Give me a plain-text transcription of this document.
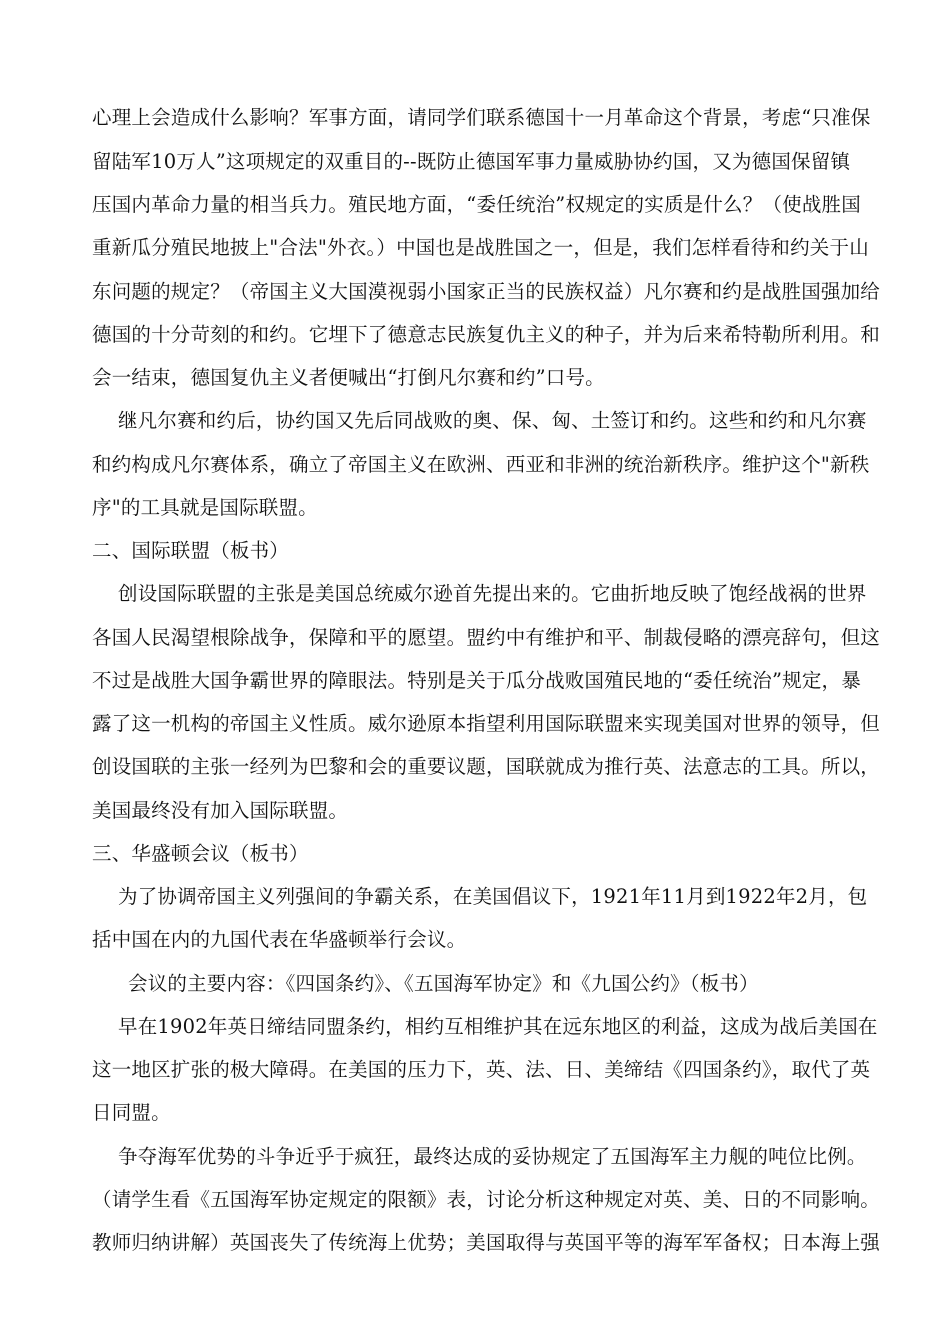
心理上会造成什么影响？军事方面，请同学们联系德国十一月革命这个背景，考虑“只准保
留陆军10万人”这项规定的双重目的--既防止德国军事力量威胁协约国，又为德国保留镇
压国内革命力量的相当兵力。殖民地方面，“委任统治”权规定的实质是什么？（使战胜国
重新瓜分殖民地披上"合法"外衣。）中国也是战胜国之一，但是，我们怎样看待和约关于山
东问题的规定？（帝国主义大国漠视弱小国家正当的民族权益）凡尔赛和约是战胜国强加给
德国的十分苛刻的和约。它埋下了德意志民族复仇主义的种子，并为后来希特勒所利用。和
会一结束，德国复仇主义者便喊出“打倒凡尔赛和约”口号。
继凡尔赛和约后，协约国又先后同战败的奥、保、匈、土签订和约。这些和约和凡尔赛
和约构成凡尔赛体系，确立了帝国主义在欧洲、西亚和非洲的统治新秩序。维护这个"新秩
序"的工具就是国际联盟。
二、国际联盟（板书）
创设国际联盟的主张是美国总统威尔逊首先提出来的。它曲折地反映了饱经战祸的世界
各国人民渴望根除战争，保障和平的愿望。盟约中有维护和平、制裁侵略的漂亮辞句，但这
不过是战胜大国争霸世界的障眼法。特别是关于瓜分战败国殖民地的“委任统治”规定，暴
露了这一机构的帝国主义性质。威尔逊原本指望利用国际联盟来实现美国对世界的领导，但
创设国联的主张一经列为巴黎和会的重要议题，国联就成为推行英、法意志的工具。所以，
美国最终没有加入国际联盟。
三、华盛顿会议（板书）
为了协调帝国主义列强间的争霸关系，在美国倡议下，1921年11月到1922年2月，包
括中国在内的九国代表在华盛顿举行会议。
会议的主要内容：《四国条约》、《五国海军协定》和《九国公约》（板书）
早在1902年英日缔结同盟条约，相约互相维护其在远东地区的利益，这成为战后美国在
这一地区扩张的极大障碍。在美国的压力下，英、法、日、美缔结《四国条约》，取代了英
日同盟。
争夺海军优势的斗争近乎于疯狂，最终达成的妥协规定了五国海军主力舰的吨位比例。
（请学生看《五国海军协定规定的限额》表，讨论分析这种规定对英、美、日的不同影响。
教师归纳讲解）英国丧失了传统海上优势；美国取得与英国平等的海军军备权；日本海上强
